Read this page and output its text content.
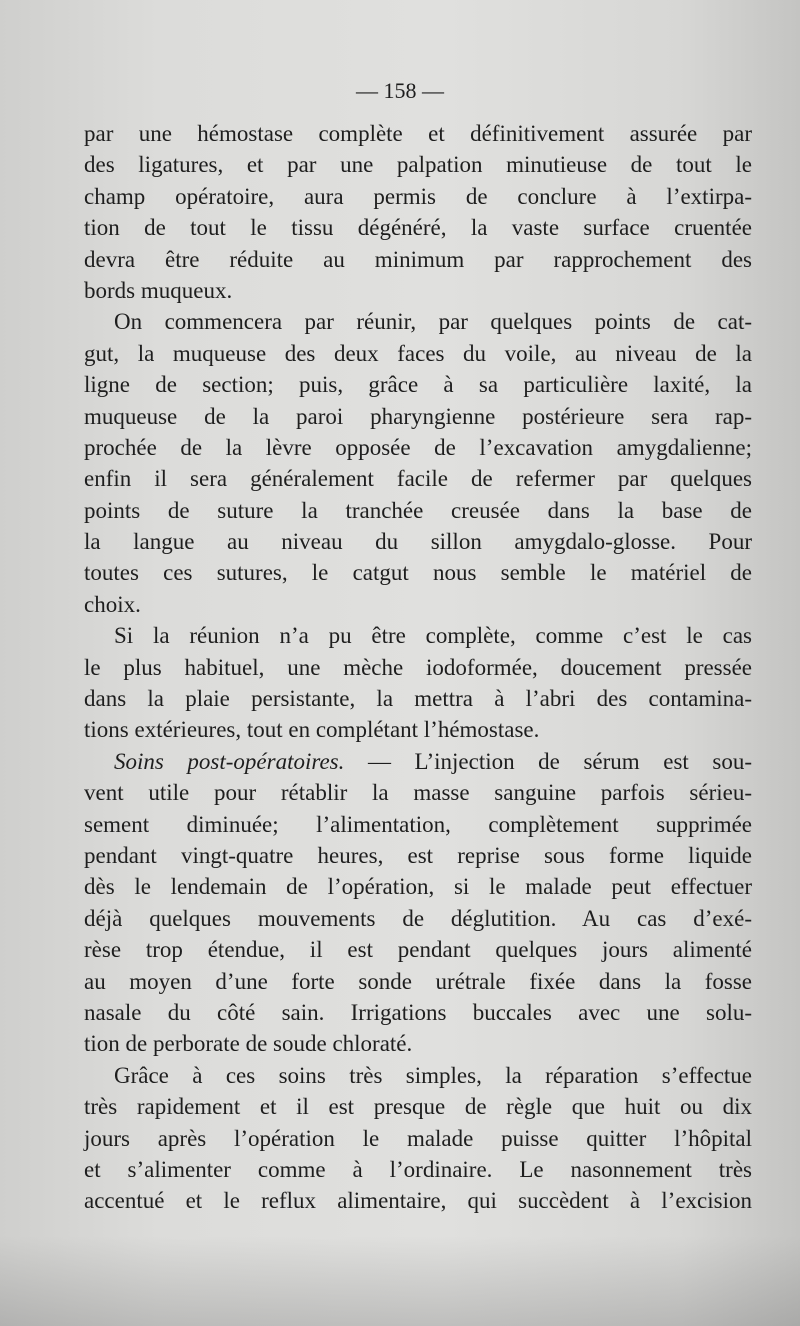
— 158 —
par une hémostase complète et définitivement assurée par
des ligatures, et par une palpation minutieuse de tout le
champ opératoire, aura permis de conclure à l’extirpa-
tion de tout le tissu dégénéré, la vaste surface cruentée
devra être réduite au minimum par rapprochement des
bords muqueux.
On commencera par réunir, par quelques points de cat-
gut, la muqueuse des deux faces du voile, au niveau de la
ligne de section; puis, grâce à sa particulière laxité, la
muqueuse de la paroi pharyngienne postérieure sera rap-
prochée de la lèvre opposée de l’excavation amygdalienne;
enfin il sera généralement facile de refermer par quelques
points de suture la tranchée creusée dans la base de
la langue au niveau du sillon amygdalo-glosse. Pour
toutes ces sutures, le catgut nous semble le matériel de
choix.
Si la réunion n’a pu être complète, comme c’est le cas
le plus habituel, une mèche iodoformée, doucement pressée
dans la plaie persistante, la mettra à l’abri des contamina-
tions extérieures, tout en complétant l’hémostase.
Soins post-opératoires. — L’injection de sérum est sou-
vent utile pour rétablir la masse sanguine parfois sérieu-
sement diminuée; l’alimentation, complètement supprimée
pendant vingt-quatre heures, est reprise sous forme liquide
dès le lendemain de l’opération, si le malade peut effectuer
déjà quelques mouvements de déglutition. Au cas d’exé-
rèse trop étendue, il est pendant quelques jours alimenté
au moyen d’une forte sonde urétrale fixée dans la fosse
nasale du côté sain. Irrigations buccales avec une solu-
tion de perborate de soude chloraté.
Grâce à ces soins très simples, la réparation s’effectue
très rapidement et il est presque de règle que huit ou dix
jours après l’opération le malade puisse quitter l’hôpital
et s’alimenter comme à l’ordinaire. Le nasonnement très
accentué et le reflux alimentaire, qui succèdent à l’excision
